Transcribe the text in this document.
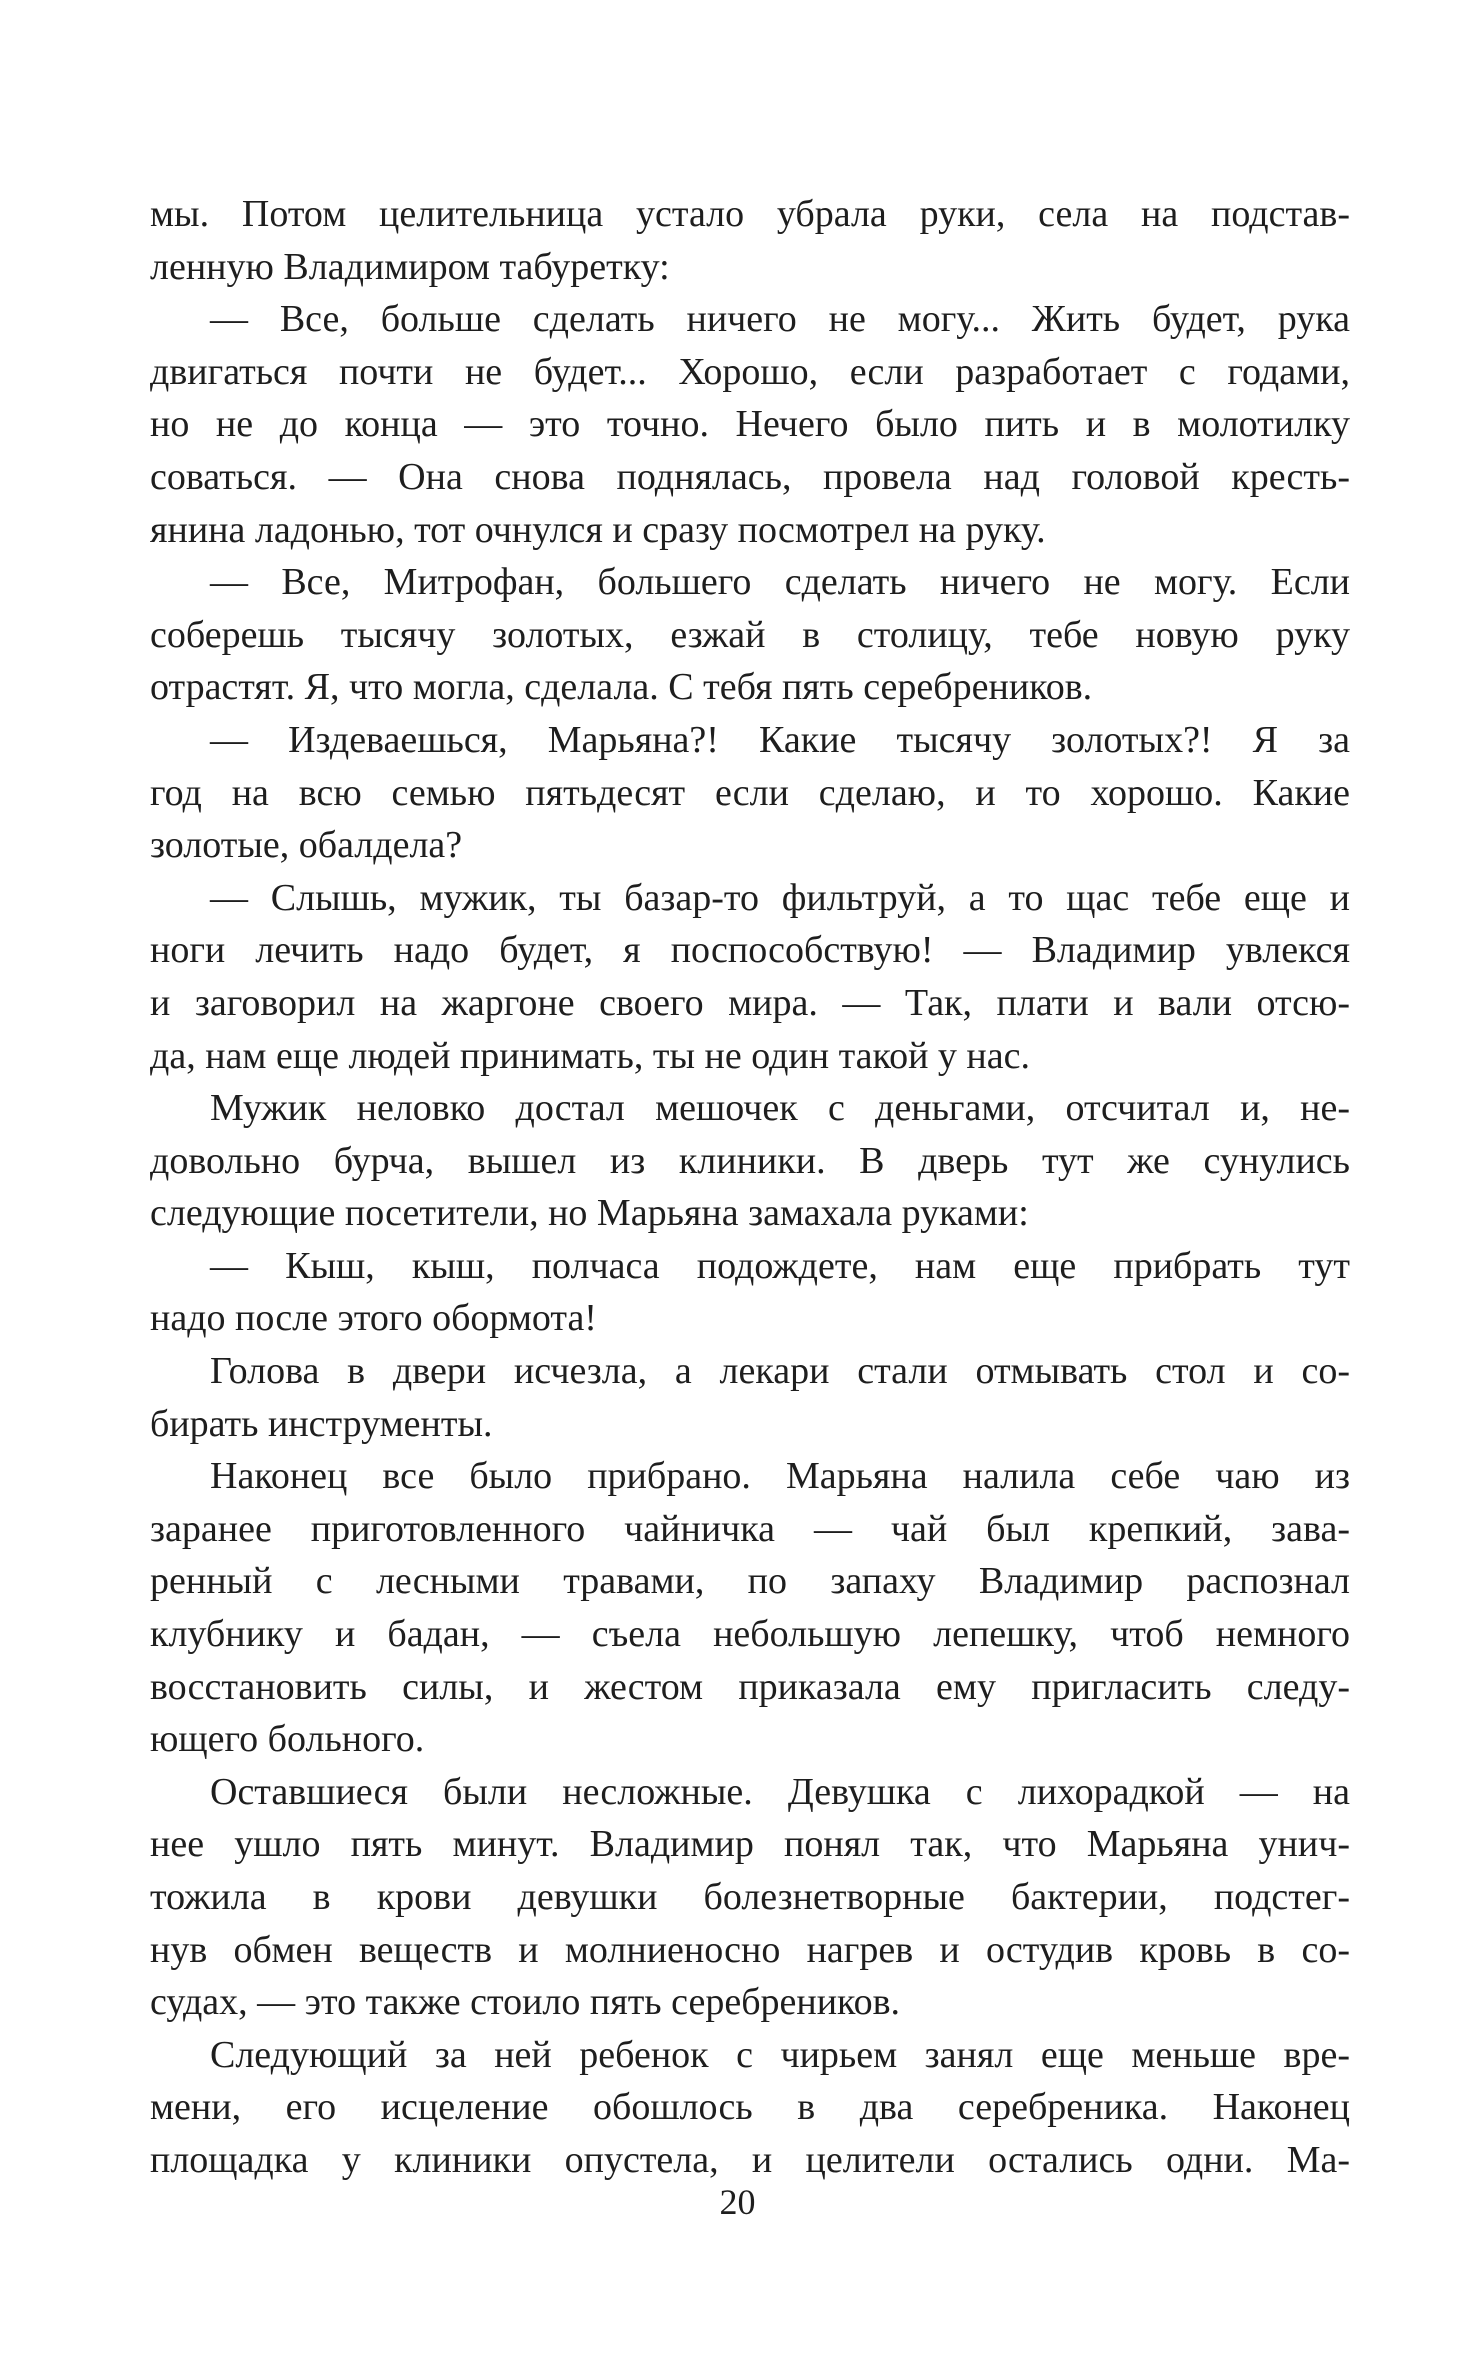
мы. Потом целительница устало убрала руки, села на подстав-
ленную Владимиром табуретку:
— Все, больше сделать ничего не могу... Жить будет, рука
двигаться почти не будет... Хорошо, если разработает с годами,
но не до конца — это точно. Нечего было пить и в молотилку
соваться. — Она снова поднялась, провела над головой кресть-
янина ладонью, тот очнулся и сразу посмотрел на руку.
— Все, Митрофан, большего сделать ничего не могу. Если
соберешь тысячу золотых, езжай в столицу, тебе новую руку
отрастят. Я, что могла, сделала. С тебя пять серебреников.
— Издеваешься, Марьяна?! Какие тысячу золотых?! Я за
год на всю семью пятьдесят если сделаю, и то хорошо. Какие
золотые, обалдела?
— Слышь, мужик, ты базар-то фильтруй, а то щас тебе еще и
ноги лечить надо будет, я поспособствую! — Владимир увлекся
и заговорил на жаргоне своего мира. — Так, плати и вали отсю-
да, нам еще людей принимать, ты не один такой у нас.
Мужик неловко достал мешочек с деньгами, отсчитал и, не-
довольно бурча, вышел из клиники. В дверь тут же сунулись
следующие посетители, но Марьяна замахала руками:
— Кыш, кыш, полчаса подождете, нам еще прибрать тут
надо после этого обормота!
Голова в двери исчезла, а лекари стали отмывать стол и со-
бирать инструменты.
Наконец все было прибрано. Марьяна налила себе чаю из
заранее приготовленного чайничка — чай был крепкий, зава-
ренный с лесными травами, по запаху Владимир распознал
клубнику и бадан, — съела небольшую лепешку, чтоб немного
восстановить силы, и жестом приказала ему пригласить следу-
ющего больного.
Оставшиеся были несложные. Девушка с лихорадкой — на
нее ушло пять минут. Владимир понял так, что Марьяна унич-
тожила в крови девушки болезнетворные бактерии, подстег-
нув обмен веществ и молниеносно нагрев и остудив кровь в со-
судах, — это также стоило пять серебреников.
Следующий за ней ребенок с чирьем занял еще меньше вре-
мени, его исцеление обошлось в два серебреника. Наконец
площадка у клиники опустела, и целители остались одни. Ма-
20
